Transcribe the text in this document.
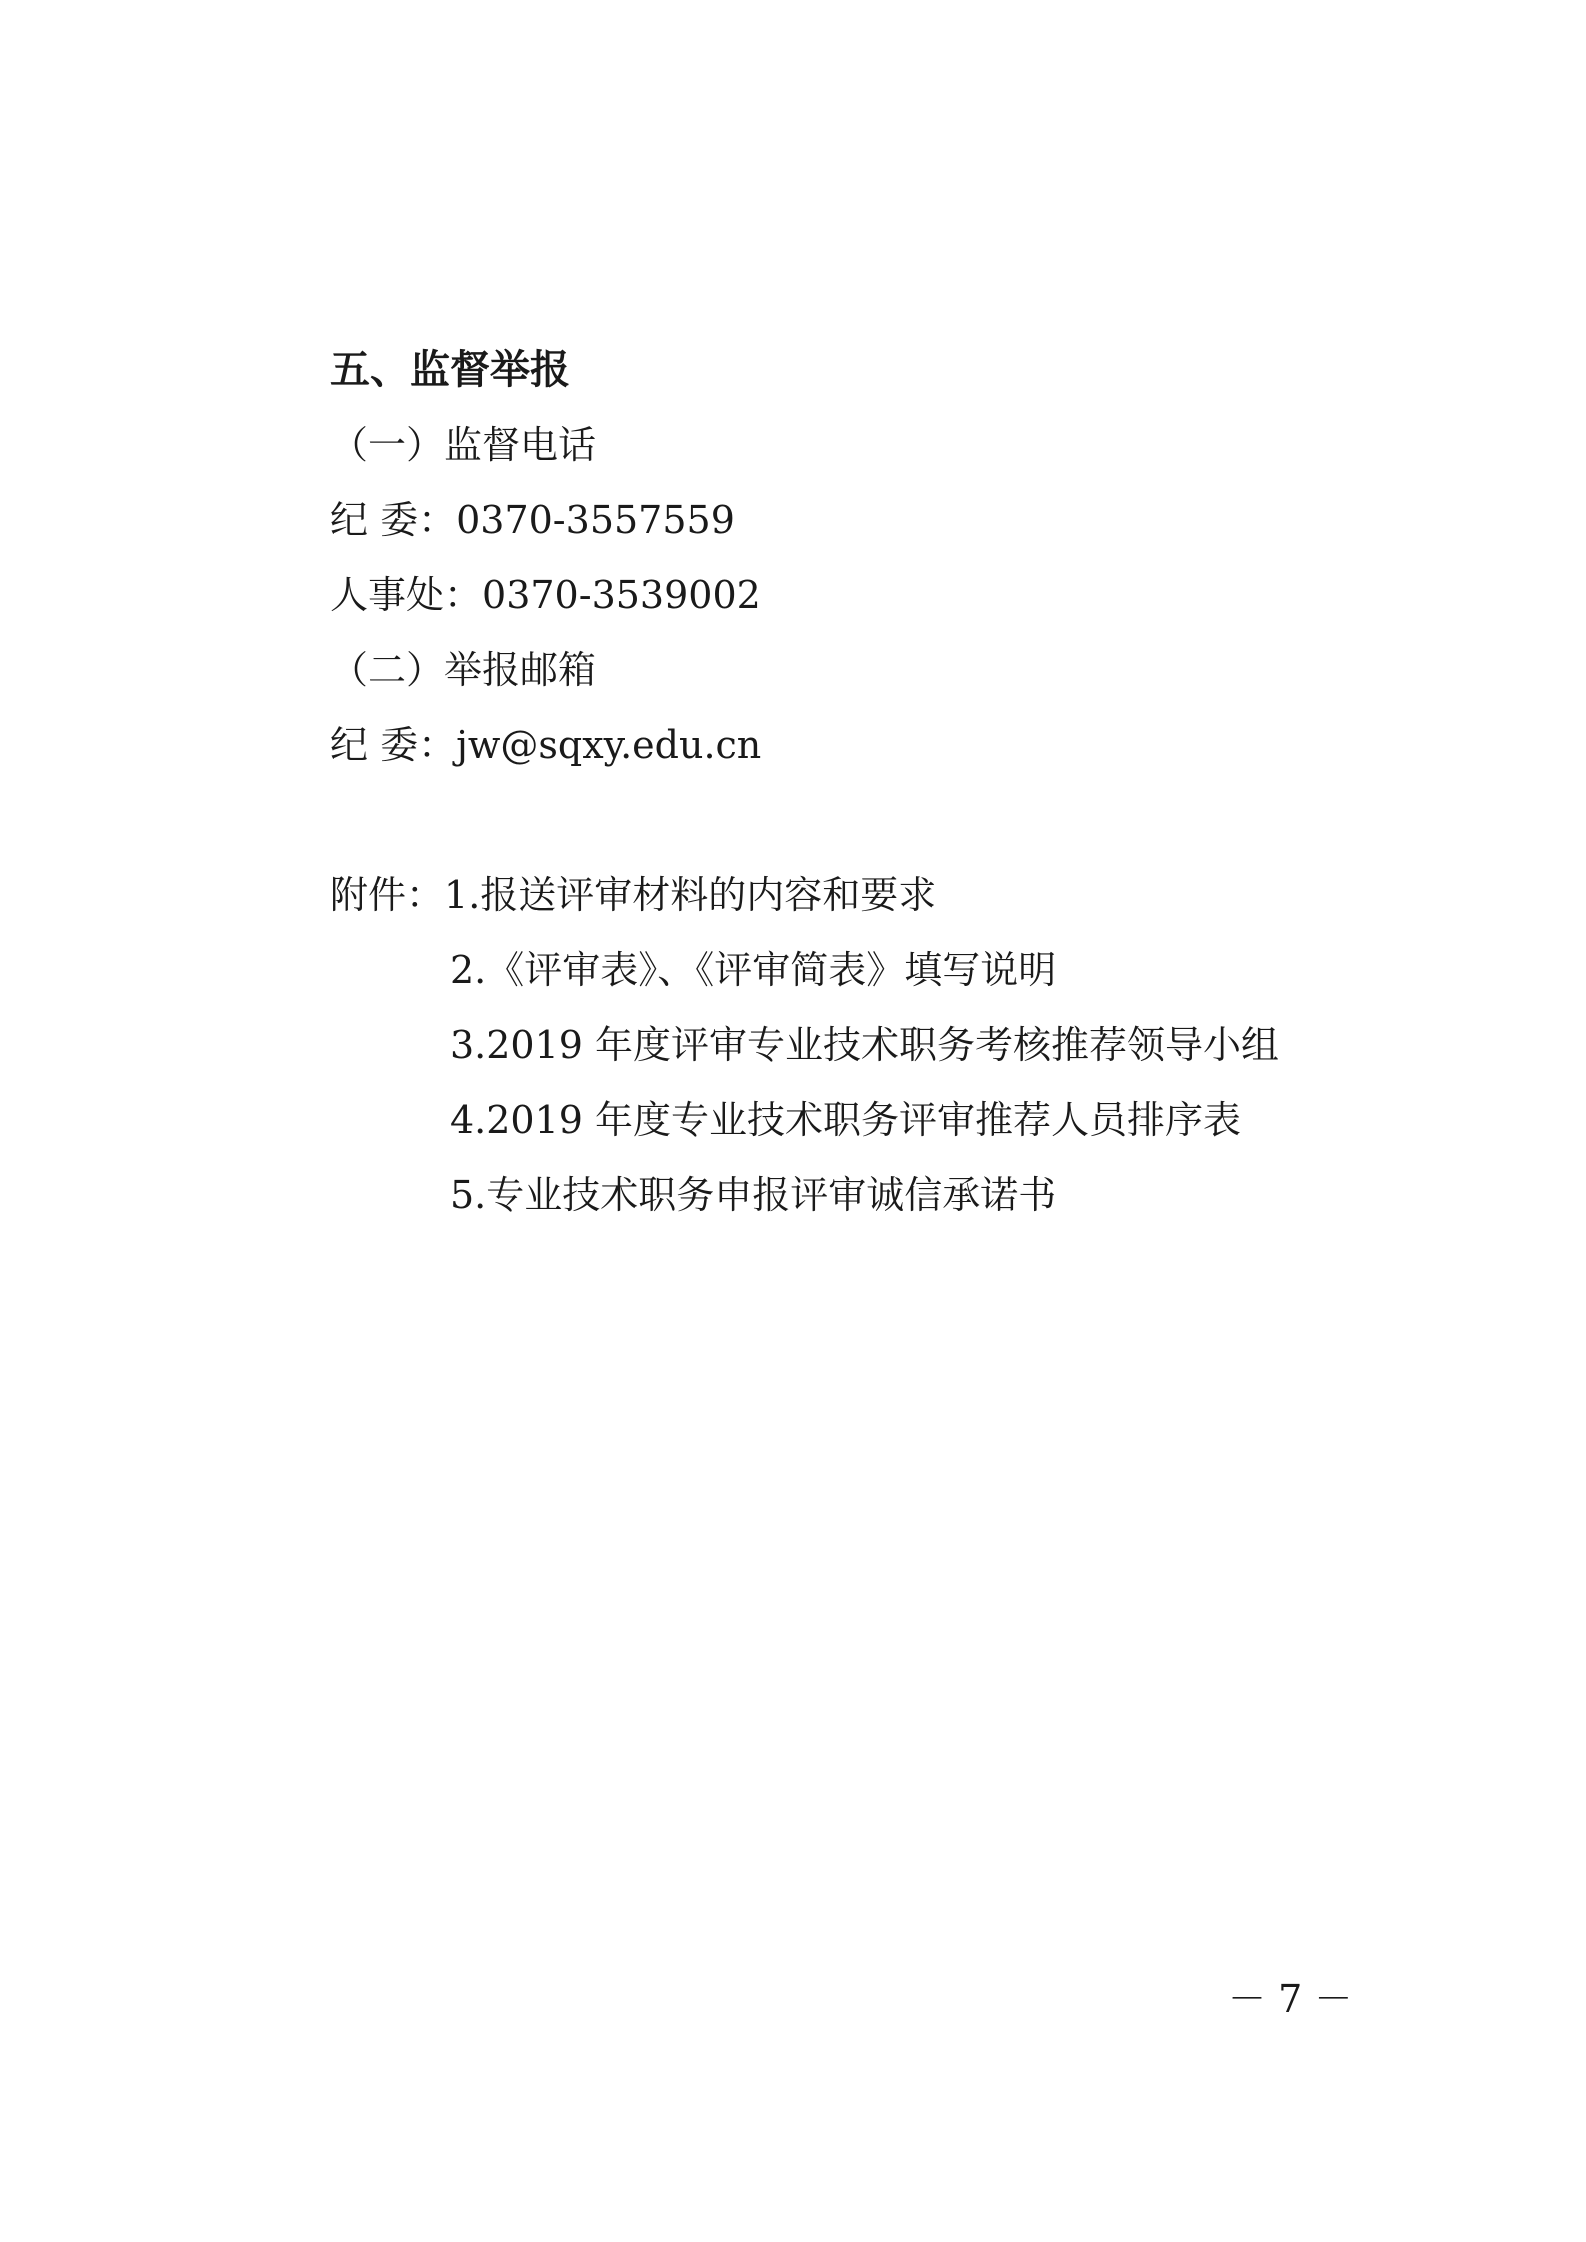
五、监督举报
（一）监督电话
纪 委：0370-3557559
人事处：0370-3539002
（二）举报邮箱
纪 委：jw@sqxy.edu.cn
附件：1.报送评审材料的内容和要求
2.《评审表》、《评审简表》填写说明
3.2019 年度评审专业技术职务考核推荐领导小组
4.2019 年度专业技术职务评审推荐人员排序表
5.专业技术职务申报评审诚信承诺书
－ 7 －
